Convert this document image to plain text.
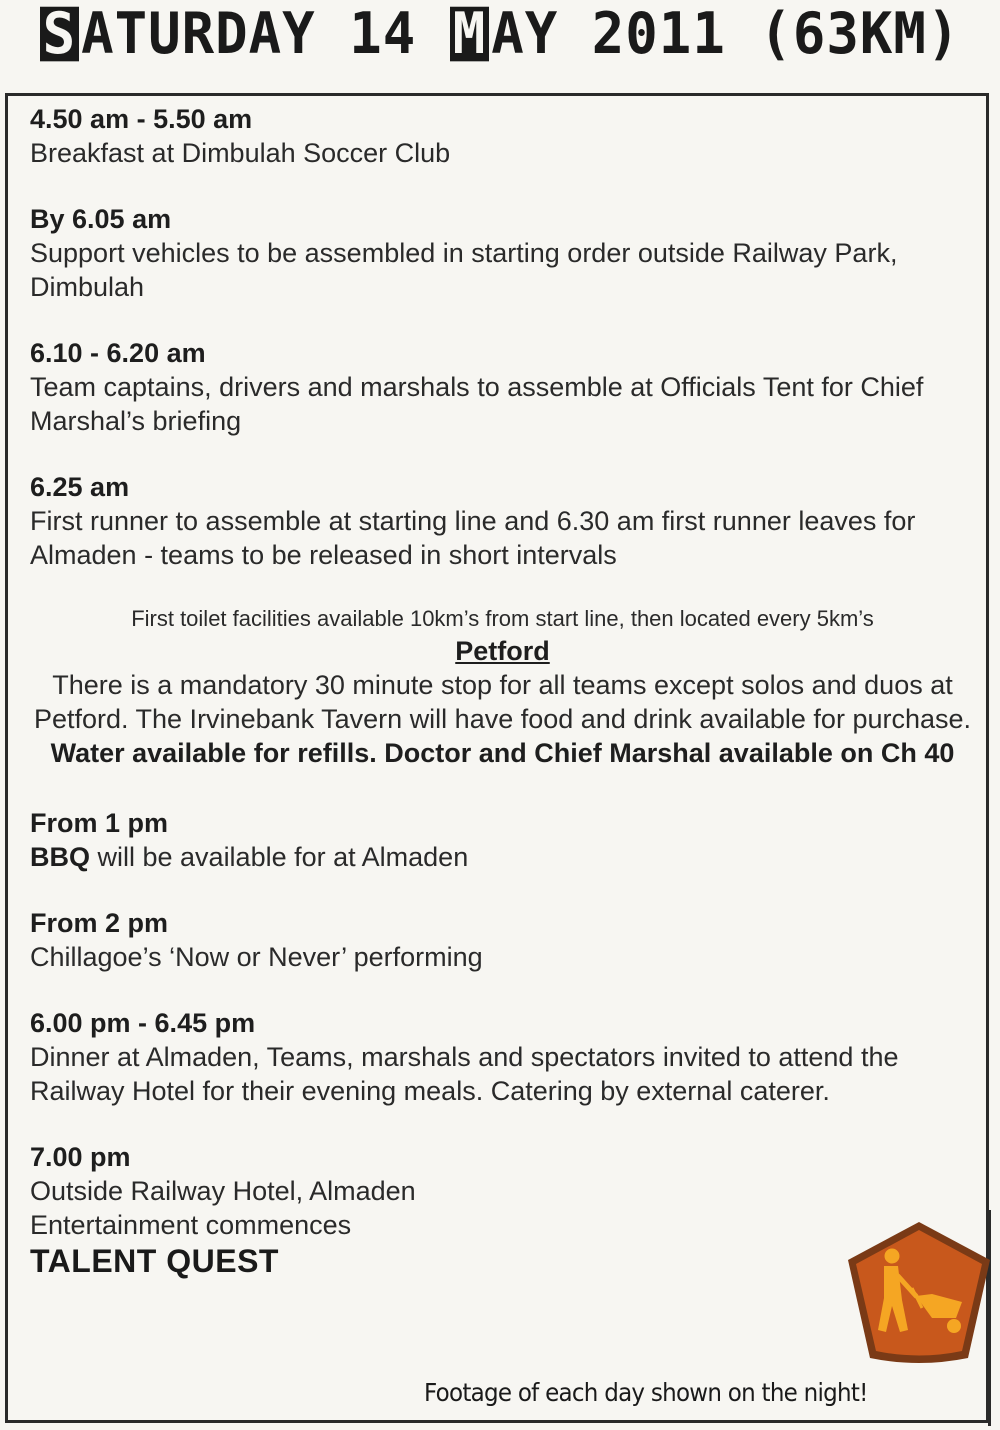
SATURDAY 14 MAY 2011 (63KM)
4.50 am - 5.50 am
Breakfast at Dimbulah Soccer Club
By 6.05 am
Support vehicles to be assembled in starting order outside Railway Park, Dimbulah
6.10 - 6.20 am
Team captains, drivers and marshals to assemble at Officials Tent for Chief Marshal’s briefing
6.25 am
First runner to assemble at starting line and 6.30 am first runner leaves for Almaden - teams to be released in short intervals
First toilet facilities available 10km’s from start line, then located every 5km’s
Petford
There is a mandatory 30 minute stop for all teams except solos and duos at Petford. The Irvinebank Tavern will have food and drink available for purchase. Water available for refills. Doctor and Chief Marshal available on Ch 40
From 1 pm
BBQ will be available for at Almaden
From 2 pm
Chillagoe’s ‘Now or Never’ performing
6.00 pm - 6.45 pm
Dinner at Almaden, Teams, marshals and spectators invited to attend the Railway Hotel for their evening meals. Catering by external caterer.
7.00 pm
Outside Railway Hotel, Almaden
Entertainment commences
TALENT QUEST
Footage of each day shown on the night!
